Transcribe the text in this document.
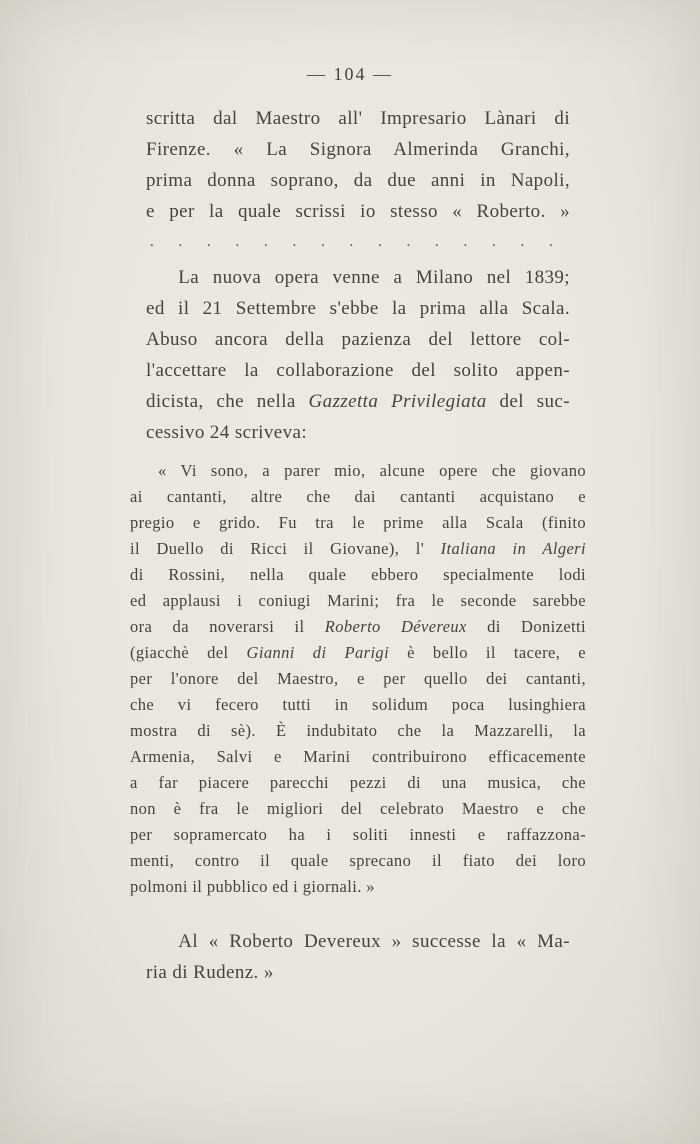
— 104 —
scritta dal Maestro all' Impresario Lànari di
Firenze. « La Signora Almerinda Granchi,
prima donna soprano, da due anni in Napoli,
e per la quale scrissi io stesso « Roberto. »
. . . . . . . . . . . . . . .
La nuova opera venne a Milano nel 1839;
ed il 21 Settembre s'ebbe la prima alla Scala.
Abuso ancora della pazienza del lettore col-
l'accettare la collaborazione del solito appen-
dicista, che nella Gazzetta Privilegiata del suc-
cessivo 24 scriveva:
« Vi sono, a parer mio, alcune opere che giovano
ai cantanti, altre che dai cantanti acquistano e
pregio e grido. Fu tra le prime alla Scala (finito
il Duello di Ricci il Giovane), l' Italiana in Algeri
di Rossini, nella quale ebbero specialmente lodi
ed applausi i coniugi Marini; fra le seconde sarebbe
ora da noverarsi il Roberto Dévereux di Donizetti
(giacchè del Gianni di Parigi è bello il tacere, e
per l'onore del Maestro, e per quello dei cantanti,
che vi fecero tutti in solidum poca lusinghiera
mostra di sè). È indubitato che la Mazzarelli, la
Armenia, Salvi e Marini contribuirono efficacemente
a far piacere parecchi pezzi di una musica, che
non è fra le migliori del celebrato Maestro e che
per sopramercato ha i soliti innesti e raffazzona-
menti, contro il quale sprecano il fiato dei loro
polmoni il pubblico ed i giornali. »
Al « Roberto Devereux » successe la « Ma-
ria di Rudenz. »
